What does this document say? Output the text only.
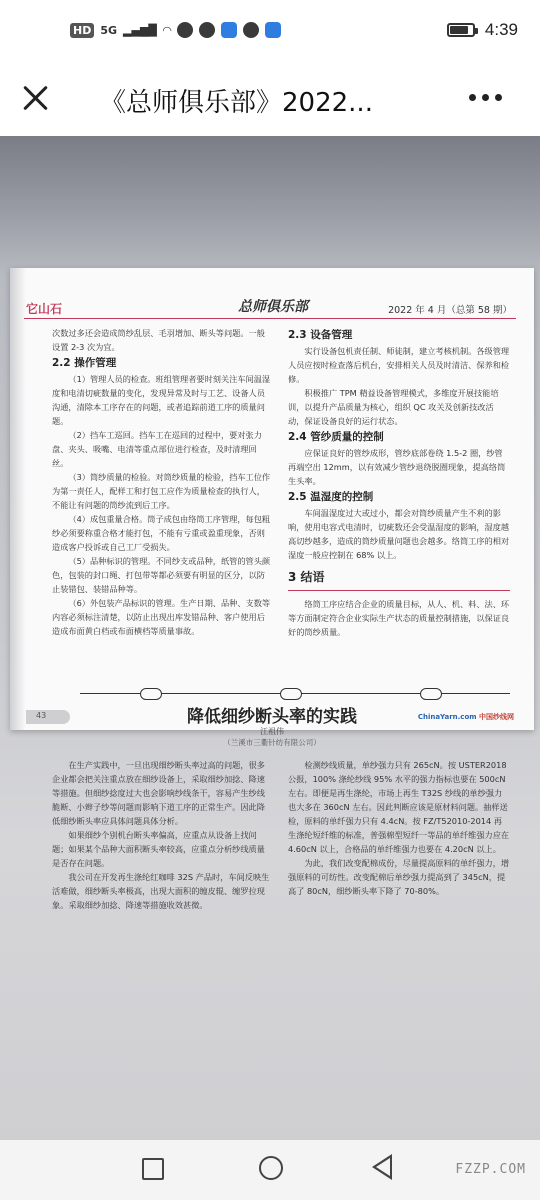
HD 5G ▂▄▆█ ◠	4:39
《总师俱乐部》2022...
它山石	总师俱乐部	2022 年 4 月（总第 58 期）

次数过多还会造成筒纱乱层、毛羽增加、断头等问题。一般设置 2-3 次为宜。

2.2 操作管理

（1）管理人员的检查。班组管理者要时刻关注车间温湿度和电清切疵数量的变化，发现异常及时与工艺、设备人员沟通，清除本工序存在的问题，或者追踪前道工序的质量问题。

（2）挡车工巡回。挡车工在巡回的过程中，要对张力盘、夹头、吸嘴、电清等重点部位进行检查，及时清理回丝。

（3）筒纱质量的检验。对筒纱质量的检验，挡车工位作为第一责任人，配样工和打包工应作为质量检查的执行人，不能让有问题的筒纱流到后工序。

（4）成包重量合格。筒子成包由络筒工序管理，每包粗纱必须要称重合格才能打包，不能有亏重或盈重现象，否则造成客户投诉或自己工厂受损失。

（5）品种标识的管理。不同纱支或品种，纸管的管头颜色，包装的封口绳、打包带等都必须要有明显的区分，以防止装错包、装错品种等。

（6）外包装产品标识的管理。生产日期、品种、支数等内容必须标注清楚，以防止出现出库发错品种、客户使用后造成布面黄白档或布面横档等质量事故。

2.3 设备管理

实行设备包机责任制、师徒制，建立考核机制。各级管理人员应按时检查落后机台，安排相关人员及时清洁、保养和检修。

积极推广 TPM 精益设备管理模式，多维度开展技能培训，以提升产品质量为核心，组织 QC 攻关及创新技改活动，保证设备良好的运行状态。

2.4 管纱质量的控制

应保证良好的管纱成形，管纱底部卷绕 1.5-2 圈，纱管再端空出 12mm，以有效减少管纱退绕脱圈现象，提高络筒生头率。

2.5 温湿度的控制

车间温湿度过大或过小，都会对筒纱质量产生不利的影响，使用电容式电清时，切疵数还会受温湿度的影响，湿度越高切纱越多，造成的筒纱质量问题也会越多。络筒工序的相对湿度一般应控制在 68% 以上。

3 结语

络筒工序应结合企业的质量目标，从人、机、料、法、环等方面制定符合企业实际生产状态的质量控制措施，以保证良好的筒纱质量。

降低细纱断头率的实践
江祖伟
（兰溪市三衢针纺有限公司）

在生产实践中，一旦出现细纱断头率过高的问题，很多企业都会把关注重点放在细纱设备上，采取细纱加捻、降速等措施。但细纱捻度过大也会影响纱线条干，容易产生纱线脆断、小辫子纱等问题而影响下道工序的正常生产。因此降低细纱断头率应具体问题具体分析。

如果细纱个别机台断头率偏高，应重点从设备上找问题；如果某个品种大面积断头率较高，应重点分析纱线质量是否存在问题。

我公司在开发再生涤纶红咖啡 32S 产品时，车间反映生活难做，细纱断头率极高，出现大面积的缠皮辊、缠罗拉现象。采取细纱加捻、降速等措施收效甚微。

检测纱线质量，单纱强力只有 265cN。按 USTER2018 公报，100% 涤纶纱线 95% 水平的强力指标也要在 500cN 左右。即便是再生涤纶，市场上再生 T32S 纱线的单纱强力也大多在 360cN 左右。因此判断应该是原材料问题。抽样送检，原料的单纤强力只有 4.4cN。按 FZ/T52010-2014 再生涤纶短纤维的标准，普强棉型短纤一等品的单纤维强力应在 4.60cN 以上，合格品的单纤维强力也要在 4.20cN 以上。

为此，我们改变配棉成份，尽量提高原料的单纤强力，增强原料的可纺性。改变配棉后单纱强力提高到了 345cN，提高了 80cN，细纱断头率下降了 70-80%。

43	ChinaYarn.com 中国纱线网
FZZP.COM
